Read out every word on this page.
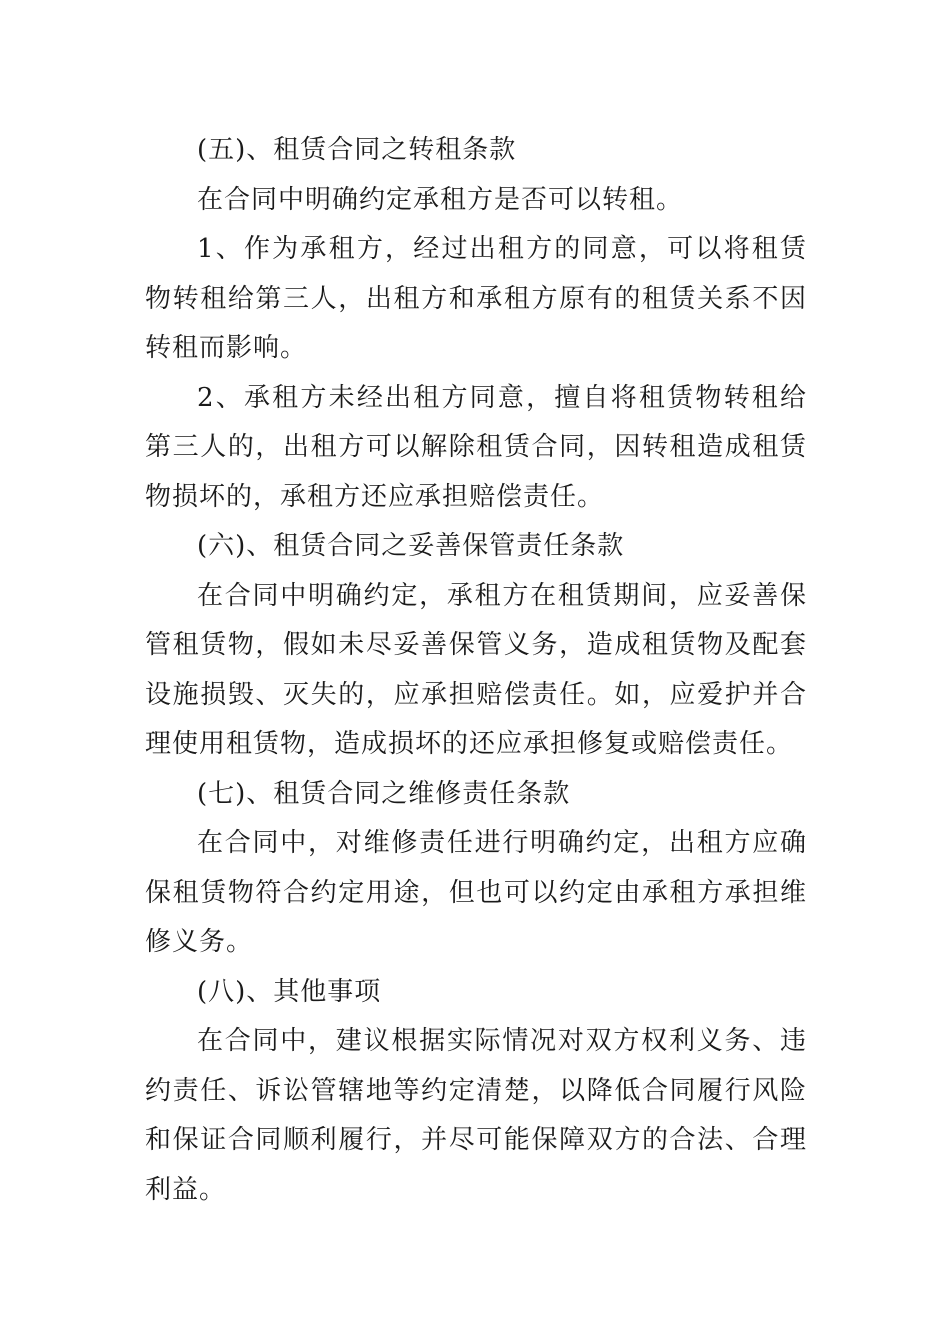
(五)、租赁合同之转租条款

在合同中明确约定承租方是否可以转租。

1、作为承租方，经过出租方的同意，可以将租赁物转租给第三人，出租方和承租方原有的租赁关系不因转租而影响。

2、承租方未经出租方同意，擅自将租赁物转租给第三人的，出租方可以解除租赁合同，因转租造成租赁物损坏的，承租方还应承担赔偿责任。

(六)、租赁合同之妥善保管责任条款

在合同中明确约定，承租方在租赁期间，应妥善保管租赁物，假如未尽妥善保管义务，造成租赁物及配套设施损毁、灭失的，应承担赔偿责任。如，应爱护并合理使用租赁物，造成损坏的还应承担修复或赔偿责任。

(七)、租赁合同之维修责任条款

在合同中，对维修责任进行明确约定，出租方应确保租赁物符合约定用途，但也可以约定由承租方承担维修义务。

(八)、其他事项

在合同中，建议根据实际情况对双方权利义务、违约责任、诉讼管辖地等约定清楚，以降低合同履行风险和保证合同顺利履行，并尽可能保障双方的合法、合理利益。
